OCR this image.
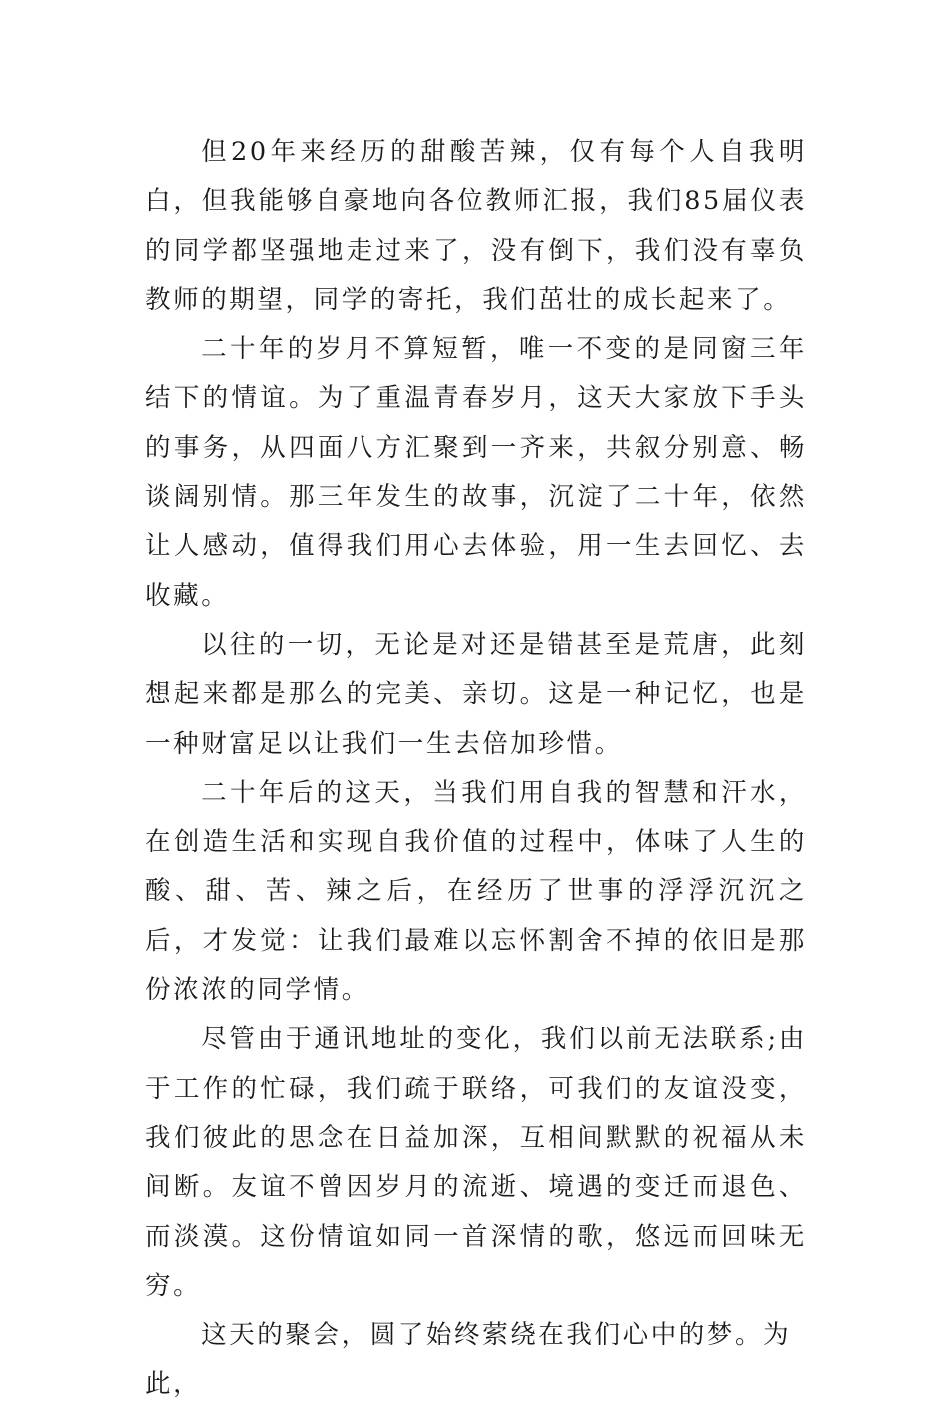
但20年来经历的甜酸苦辣，仅有每个人自我明白，但我能够自豪地向各位教师汇报，我们85届仪表的同学都坚强地走过来了，没有倒下，我们没有辜负教师的期望，同学的寄托，我们茁壮的成长起来了。

二十年的岁月不算短暂，唯一不变的是同窗三年结下的情谊。为了重温青春岁月，这天大家放下手头的事务，从四面八方汇聚到一齐来，共叙分别意、畅谈阔别情。那三年发生的故事，沉淀了二十年，依然让人感动，值得我们用心去体验，用一生去回忆、去收藏。

以往的一切，无论是对还是错甚至是荒唐，此刻想起来都是那么的完美、亲切。这是一种记忆，也是一种财富足以让我们一生去倍加珍惜。

二十年后的这天，当我们用自我的智慧和汗水，在创造生活和实现自我价值的过程中，体味了人生的酸、甜、苦、辣之后，在经历了世事的浮浮沉沉之后，才发觉：让我们最难以忘怀割舍不掉的依旧是那份浓浓的同学情。

尽管由于通讯地址的变化，我们以前无法联系;由于工作的忙碌，我们疏于联络，可我们的友谊没变，我们彼此的思念在日益加深，互相间默默的祝福从未间断。友谊不曾因岁月的流逝、境遇的变迁而退色、而淡漠。这份情谊如同一首深情的歌，悠远而回味无穷。

这天的聚会，圆了始终萦绕在我们心中的梦。为此，
